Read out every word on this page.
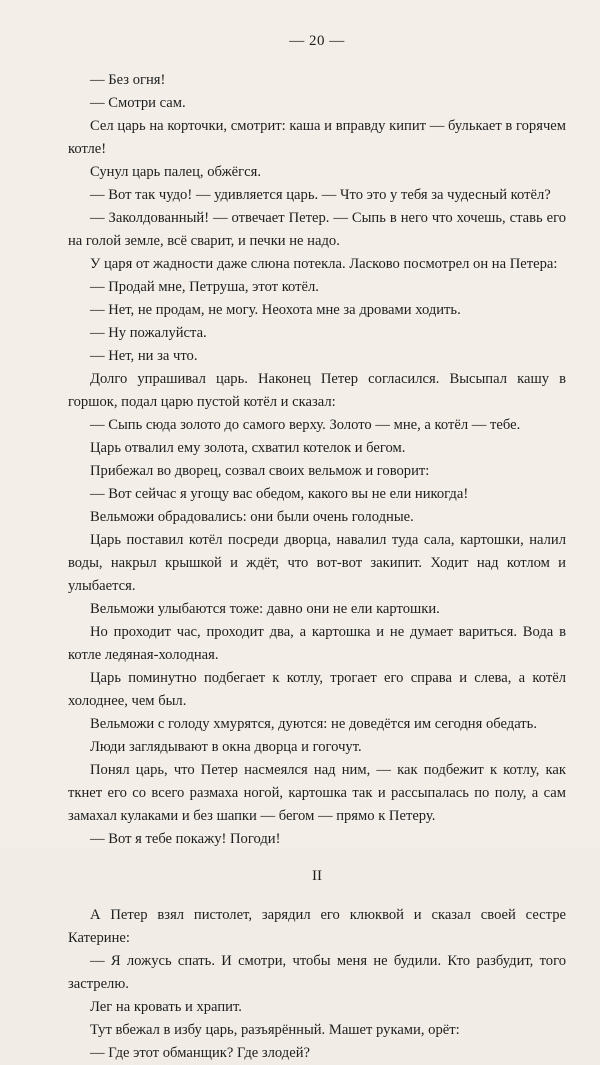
— 20 —

— Без огня!

— Смотри сам.

Сел царь на корточки, смотрит: каша и вправду кипит — булькает в горячем котле!

Сунул царь палец, обжёгся.

— Вот так чудо! — удивляется царь. — Что это у тебя за чудесный котёл?

— Заколдованный! — отвечает Петер. — Сыпь в него что хочешь, ставь его на голой земле, всё сварит, и печки не надо.

У царя от жадности даже слюна потекла. Ласково посмотрел он на Петера:

— Продай мне, Петруша, этот котёл.

— Нет, не продам, не могу. Неохота мне за дровами ходить.

— Ну пожалуйста.

— Нет, ни за что.

Долго упрашивал царь. Наконец Петер согласился. Высыпал кашу в горшок, подал царю пустой котёл и сказал:

— Сыпь сюда золото до самого верху. Золото — мне, а котёл — тебе.

Царь отвалил ему золота, схватил котелок и бегом.

Прибежал во дворец, созвал своих вельмож и говорит:

— Вот сейчас я угощу вас обедом, какого вы не ели никогда!

Вельможи обрадовались: они были очень голодные.

Царь поставил котёл посреди дворца, навалил туда сала, картошки, налил воды, накрыл крышкой и ждёт, что вот-вот закипит. Ходит над котлом и улыбается.

Вельможи улыбаются тоже: давно они не ели картошки.

Но проходит час, проходит два, а картошка и не думает вариться. Вода в котле ледяная-холодная.

Царь поминутно подбегает к котлу, трогает его справа и слева, а котёл холоднее, чем был.

Вельможи с голоду хмурятся, дуются: не доведётся им сегодня обедать.

Люди заглядывают в окна дворца и гогочут.

Понял царь, что Петер насмеялся над ним, — как подбежит к котлу, как ткнет его со всего размаха ногой, картошка так и рассыпалась по полу, а сам замахал кулаками и без шапки — бегом — прямо к Петеру.

— Вот я тебе покажу! Погоди!

II

А Петер взял пистолет, зарядил его клюквой и сказал своей сестре Катерине:

— Я ложусь спать. И смотри, чтобы меня не будили. Кто разбудит, того застрелю.

Лег на кровать и храпит.

Тут вбежал в избу царь, разъярённый. Машет руками, орёт:

— Где этот обманщик? Где злодей?
